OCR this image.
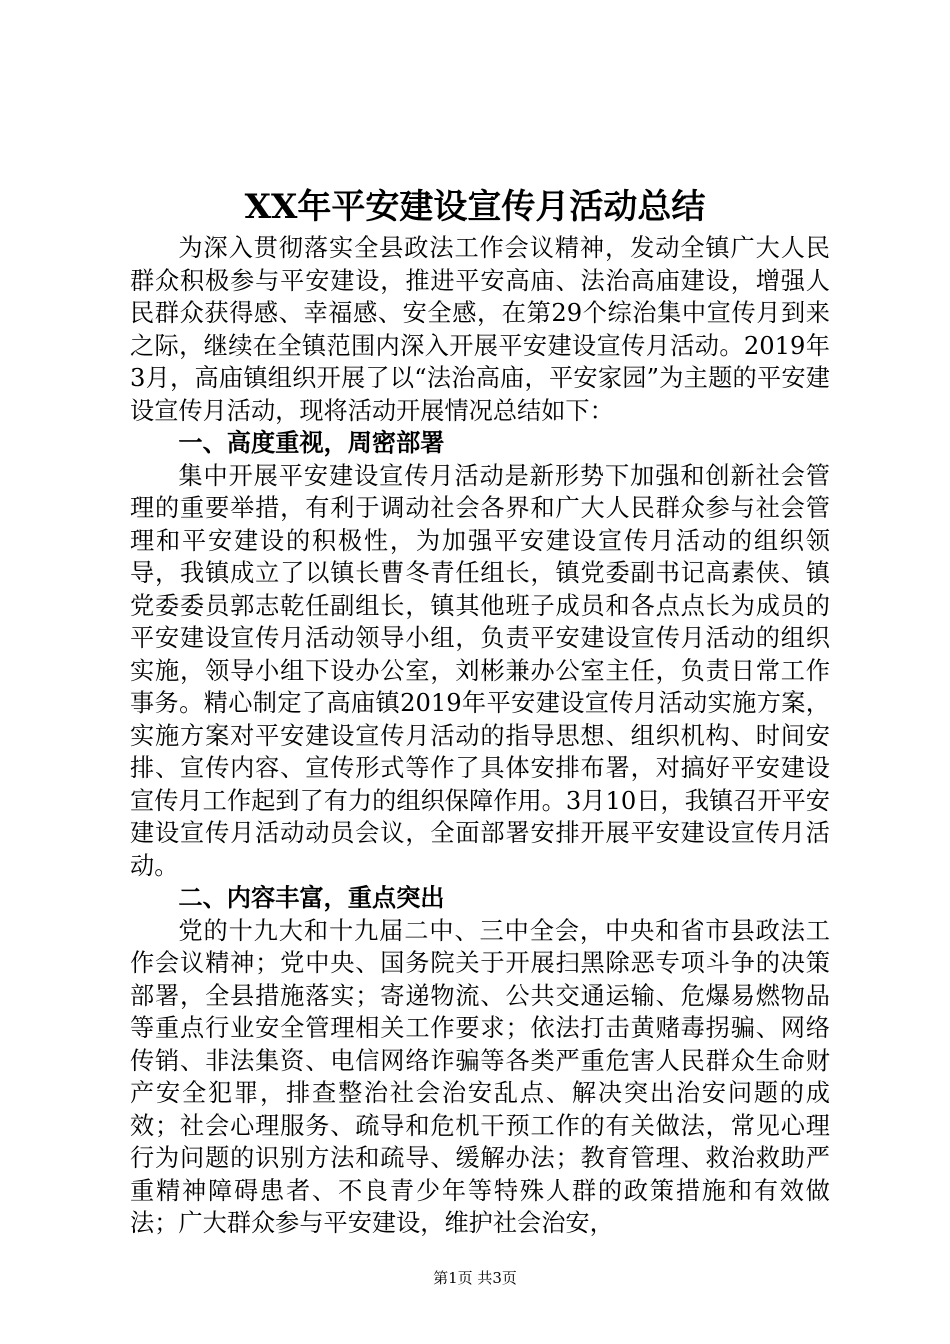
XX年平安建设宣传月活动总结

为深入贯彻落实全县政法工作会议精神，发动全镇广大人民群众积极参与平安建设，推进平安高庙、法治高庙建设，增强人民群众获得感、幸福感、安全感，在第29个综治集中宣传月到来之际，继续在全镇范围内深入开展平安建设宣传月活动。2019年3月，高庙镇组织开展了以“法治高庙，平安家园”为主题的平安建设宣传月活动，现将活动开展情况总结如下：

一、高度重视，周密部署

集中开展平安建设宣传月活动是新形势下加强和创新社会管理的重要举措，有利于调动社会各界和广大人民群众参与社会管理和平安建设的积极性，为加强平安建设宣传月活动的组织领导，我镇成立了以镇长曹冬青任组长，镇党委副书记高素侠、镇党委委员郭志乾任副组长，镇其他班子成员和各点点长为成员的平安建设宣传月活动领导小组，负责平安建设宣传月活动的组织实施，领导小组下设办公室，刘彬兼办公室主任，负责日常工作事务。精心制定了高庙镇2019年平安建设宣传月活动实施方案，实施方案对平安建设宣传月活动的指导思想、组织机构、时间安排、宣传内容、宣传形式等作了具体安排布署，对搞好平安建设宣传月工作起到了有力的组织保障作用。3月10日，我镇召开平安建设宣传月活动动员会议，全面部署安排开展平安建设宣传月活动。

二、内容丰富，重点突出

党的十九大和十九届二中、三中全会，中央和省市县政法工作会议精神；党中央、国务院关于开展扫黑除恶专项斗争的决策部署，全县措施落实；寄递物流、公共交通运输、危爆易燃物品等重点行业安全管理相关工作要求；依法打击黄赌毒拐骗、网络传销、非法集资、电信网络诈骗等各类严重危害人民群众生命财产安全犯罪，排查整治社会治安乱点、解决突出治安问题的成效；社会心理服务、疏导和危机干预工作的有关做法，常见心理行为问题的识别方法和疏导、缓解办法；教育管理、救治救助严重精神障碍患者、不良青少年等特殊人群的政策措施和有效做法；广大群众参与平安建设，维护社会治安，

第1页 共3页
